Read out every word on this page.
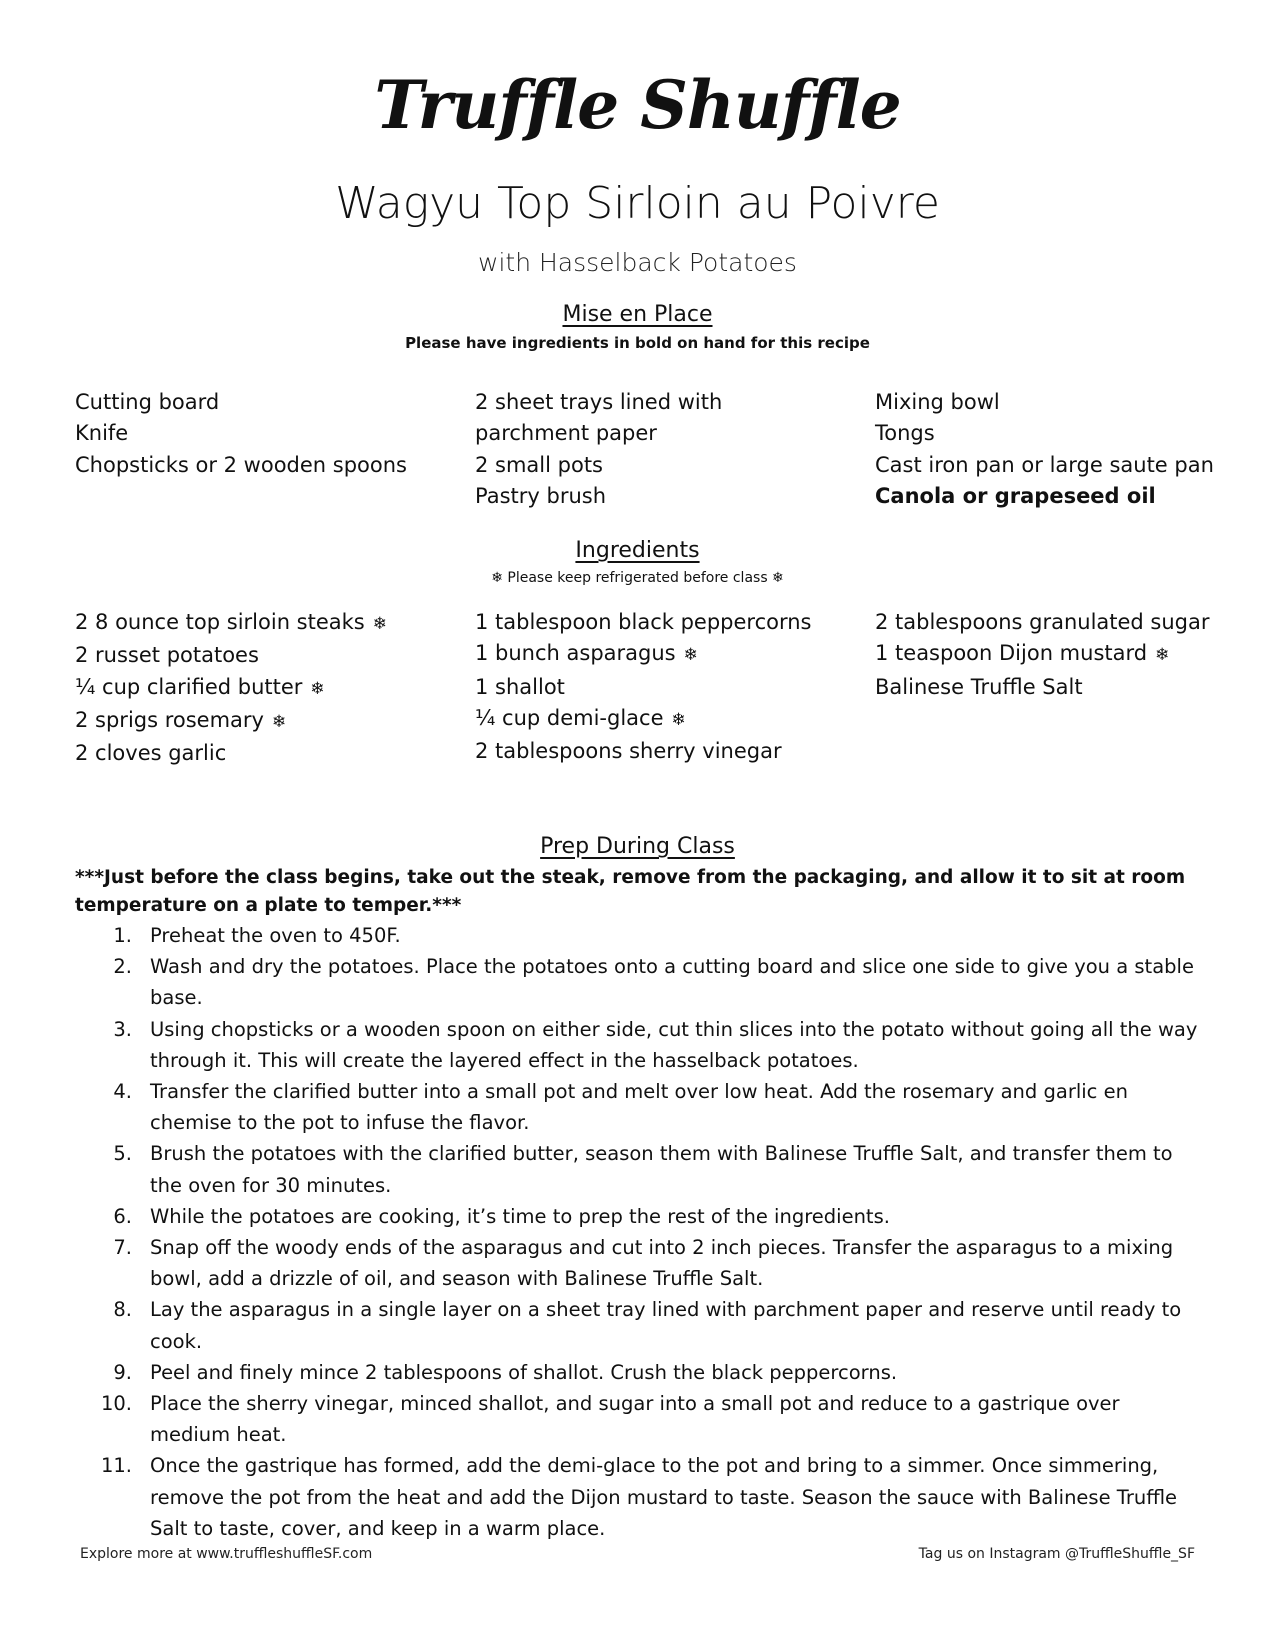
Truffle Shuffle
Wagyu Top Sirloin au Poivre
with Hasselback Potatoes
Mise en Place
Please have ingredients in bold on hand for this recipe
Cutting board
Knife
Chopsticks or 2 wooden spoons
2 sheet trays lined with
parchment paper
2 small pots
Pastry brush
Mixing bowl
Tongs
Cast iron pan or large saute pan
Canola or grapeseed oil
Ingredients
❄ Please keep refrigerated before class ❄
2 8 ounce top sirloin steaks ❄
2 russet potatoes
¼ cup clarified butter ❄
2 sprigs rosemary ❄
2 cloves garlic
1 tablespoon black peppercorns
1 bunch asparagus ❄
1 shallot
¼ cup demi-glace ❄
2 tablespoons sherry vinegar
2 tablespoons granulated sugar
1 teaspoon Dijon mustard ❄
Balinese Truffle Salt
Prep During Class
***Just before the class begins, take out the steak, remove from the packaging, and allow it to sit at room temperature on a plate to temper.***
1. Preheat the oven to 450F.
2. Wash and dry the potatoes. Place the potatoes onto a cutting board and slice one side to give you a stable base.
3. Using chopsticks or a wooden spoon on either side, cut thin slices into the potato without going all the way through it. This will create the layered effect in the hasselback potatoes.
4. Transfer the clarified butter into a small pot and melt over low heat. Add the rosemary and garlic en chemise to the pot to infuse the flavor.
5. Brush the potatoes with the clarified butter, season them with Balinese Truffle Salt, and transfer them to the oven for 30 minutes.
6. While the potatoes are cooking, it’s time to prep the rest of the ingredients.
7. Snap off the woody ends of the asparagus and cut into 2 inch pieces. Transfer the asparagus to a mixing bowl, add a drizzle of oil, and season with Balinese Truffle Salt.
8. Lay the asparagus in a single layer on a sheet tray lined with parchment paper and reserve until ready to cook.
9. Peel and finely mince 2 tablespoons of shallot. Crush the black peppercorns.
10. Place the sherry vinegar, minced shallot, and sugar into a small pot and reduce to a gastrique over medium heat.
11. Once the gastrique has formed, add the demi-glace to the pot and bring to a simmer. Once simmering, remove the pot from the heat and add the Dijon mustard to taste. Season the sauce with Balinese Truffle Salt to taste, cover, and keep in a warm place.
Explore more at www.truffleshuffleSF.com	Tag us on Instagram @TruffleShuffle_SF
